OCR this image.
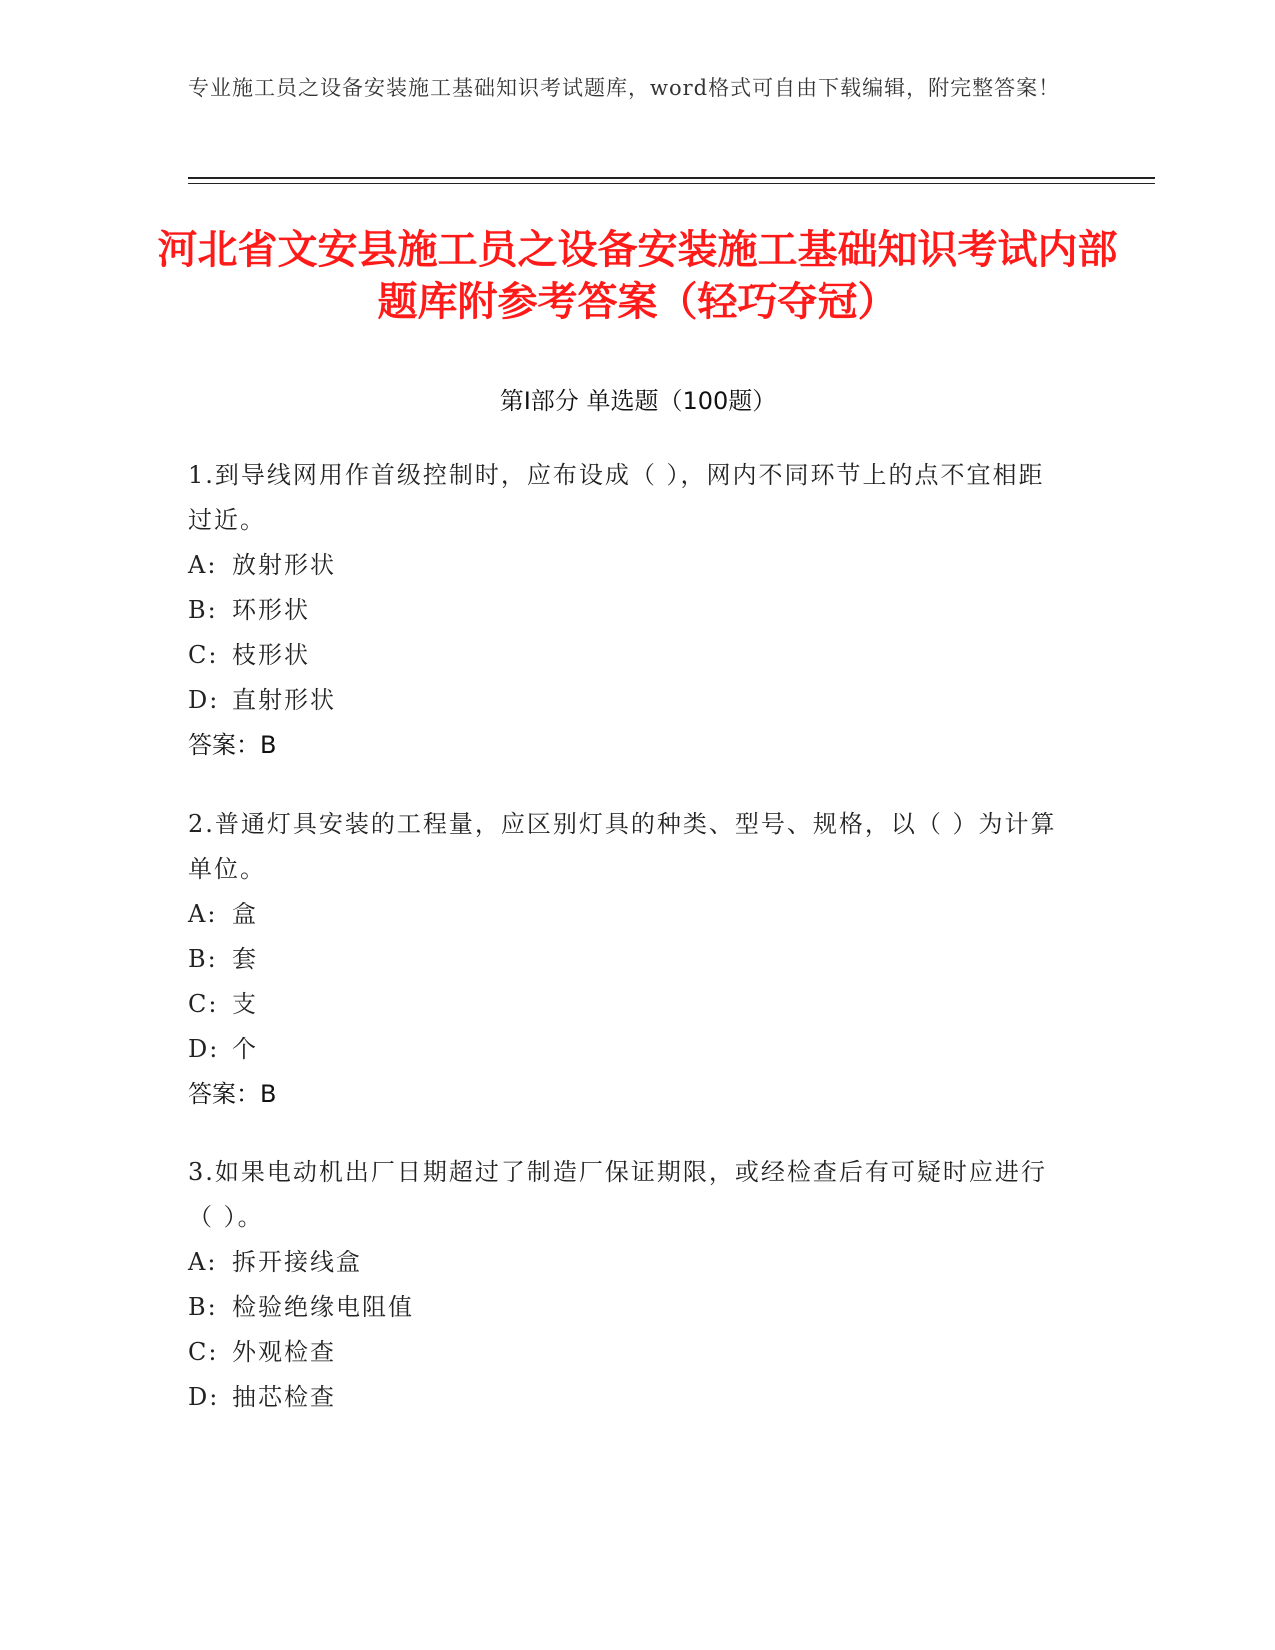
专业施工员之设备安装施工基础知识考试题库，word格式可自由下载编辑，附完整答案！
河北省文安县施工员之设备安装施工基础知识考试内部题库附参考答案（轻巧夺冠）
第Ⅰ部分 单选题（100题）
1.到导线网用作首级控制时，应布设成（ ），网内不同环节上的点不宜相距过近。
A: 放射形状
B: 环形状
C: 枝形状
D: 直射形状
答案：B
2.普通灯具安装的工程量，应区别灯具的种类、型号、规格，以（ ）为计算单位。
A: 盒
B: 套
C: 支
D: 个
答案：B
3.如果电动机出厂日期超过了制造厂保证期限，或经检查后有可疑时应进行（ ）。
A: 拆开接线盒
B: 检验绝缘电阻值
C: 外观检查
D: 抽芯检查
